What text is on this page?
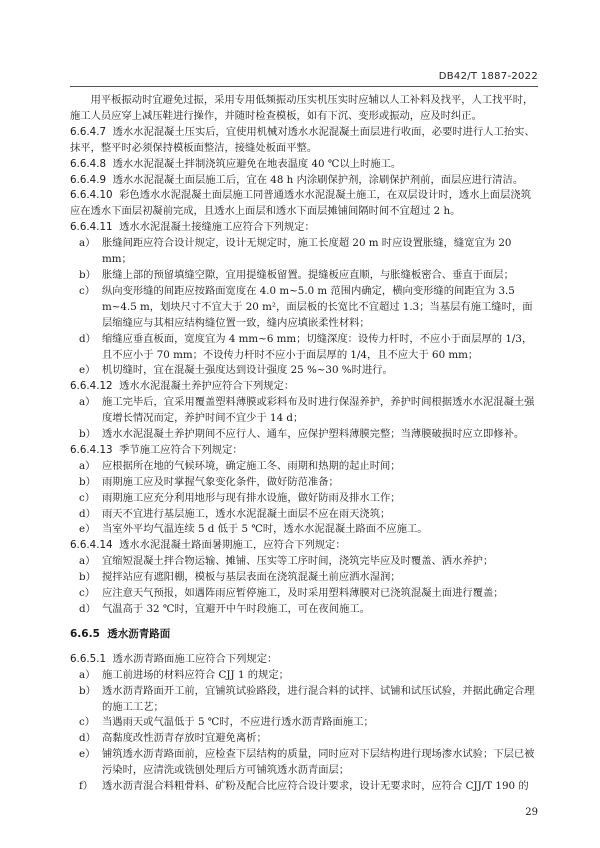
DB42/T 1887-2022

用平板振动时宜避免过振，采用专用低频振动压实机压实时应辅以人工补料及找平，人工找平时，施工人员应穿上减压鞋进行操作，并随时检查模板，如有下沉、变形或振动，应及时纠正。

6.6.4.7 透水水泥混凝土压实后，宜使用机械对透水水泥混凝土面层进行收面，必要时进行人工抬实、抹平，整平时必须保持模板面整洁，接缝处板面平整。

6.6.4.8 透水水泥混凝土拌制浇筑应避免在地表温度 40 ℃以上时施工。

6.6.4.9 透水水泥混凝土面层施工后，宜在 48 h 内涂刷保护剂，涂刷保护剂前，面层应进行清洁。

6.6.4.10 彩色透水水泥混凝土面层施工同普通透水水泥混凝土施工，在双层设计时，透水上面层浇筑应在透水下面层初凝前完成，且透水上面层和透水下面层摊铺间隔时间不宜超过 2 h。

6.6.4.11 透水水泥混凝土接缝施工应符合下列规定：

a） 胀缝间距应符合设计规定，设计无规定时，施工长度超 20 m 时应设置胀缝，缝宽宜为 20 mm；
b） 胀缝上部的预留填缝空隙，宜用提缝板留置。提缝板应直顺，与胀缝板密合、垂直于面层；
c） 纵向变形缝的间距应按路面宽度在 4.0 m~5.0 m 范围内确定，横向变形缝的间距宜为 3.5 m~4.5 m，划块尺寸不宜大于 20 m²，面层板的长宽比不宜超过 1.3；当基层有施工缝时，面层缩缝应与其相应结构缝位置一致，缝内应填嵌柔性材料；
d） 缩缝应垂直板面，宽度宜为 4 mm~6 mm；切缝深度：设传力杆时，不应小于面层厚的 1/3，且不应小于 70 mm；不设传力杆时不应小于面层厚的 1/4，且不应大于 60 mm；
e） 机切缝时，宜在混凝土强度达到设计强度 25 %~30 %时进行。

6.6.4.12 透水水泥混凝土养护应符合下列规定：

a） 施工完毕后，宜采用覆盖塑料薄膜或彩料布及时进行保湿养护，养护时间根据透水水泥混凝土强度增长情况而定，养护时间不宜少于 14 d；
b） 透水水泥混凝土养护期间不应行人、通车，应保护塑料薄膜完整；当薄膜破损时应立即修补。

6.6.4.13 季节施工应符合下列规定：

a） 应根据所在地的气候环境，确定施工冬、雨期和热期的起止时间；
b） 雨期施工应及时掌握气象变化条件，做好防范准备；
c） 雨期施工应充分利用地形与现有排水设施，做好防雨及排水工作；
d） 雨天不宜进行基层施工，透水水泥混凝土面层不应在雨天浇筑；
e） 当室外平均气温连续 5 d 低于 5 ℃时，透水水泥混凝土路面不应施工。

6.6.4.14 透水水泥混凝土路面暑期施工，应符合下列规定：

a） 宜缩短混凝土拌合物运输、摊铺、压实等工序时间，浇筑完毕应及时覆盖、洒水养护；
b） 搅拌站应有遮阳棚，模板与基层表面在浇筑混凝土前应洒水湿润；
c） 应注意天气预报，如遇阵雨应暂停施工，及时采用塑料薄膜对已浇筑混凝土面进行覆盖；
d） 气温高于 32 ℃时，宜避开中午时段施工，可在夜间施工。

6.6.5 透水沥青路面

6.6.5.1 透水沥青路面施工应符合下列规定：

a） 施工前进场的材料应符合 CJJ 1 的规定；
b） 透水沥青路面开工前，宜铺筑试验路段，进行混合料的试拌、试铺和试压试验，并据此确定合理的施工工艺；
c） 当遇雨天或气温低于 5 ℃时，不应进行透水沥青路面施工；
d） 高黏度改性沥青存放时宜避免离析；
e） 铺筑透水沥青路面前，应检查下层结构的质量，同时应对下层结构进行现场渗水试验；下层已被污染时，应清洗或铣刨处理后方可铺筑透水沥青面层；
f） 透水沥青混合料粗骨料、矿粉及配合比应符合设计要求，设计无要求时，应符合 CJJ/T 190 的
29
